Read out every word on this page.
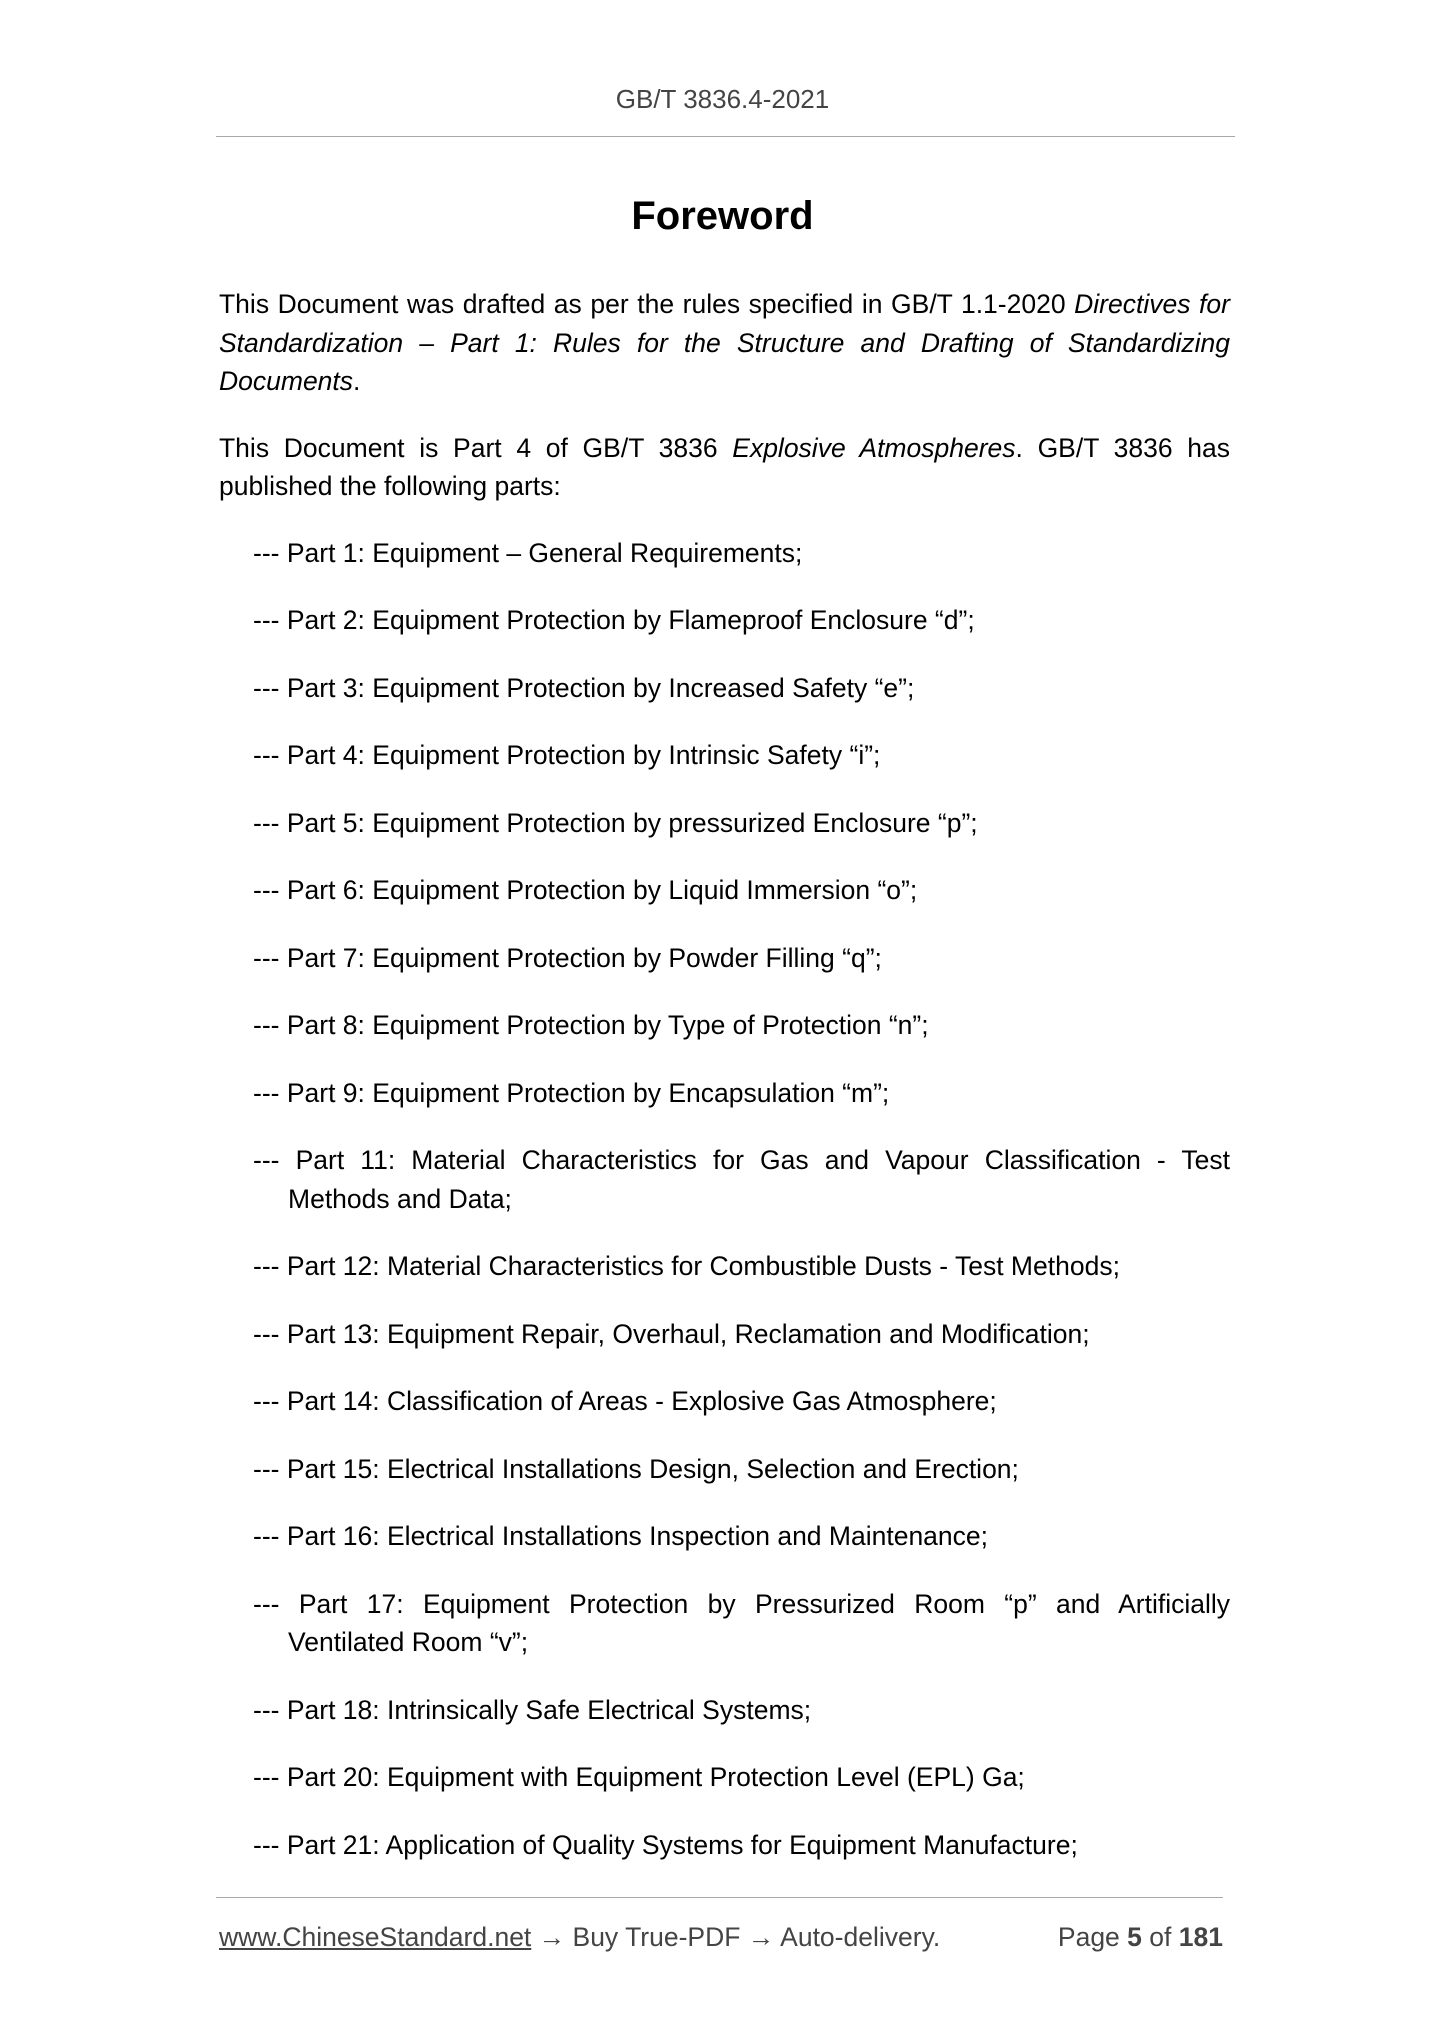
GB/T 3836.4-2021
Foreword

This Document was drafted as per the rules specified in GB/T 1.1-2020 Directives for Standardization – Part 1: Rules for the Structure and Drafting of Standardizing Documents.

This Document is Part 4 of GB/T 3836 Explosive Atmospheres. GB/T 3836 has published the following parts:

--- Part 1: Equipment – General Requirements;
--- Part 2: Equipment Protection by Flameproof Enclosure “d”;
--- Part 3: Equipment Protection by Increased Safety “e”;
--- Part 4: Equipment Protection by Intrinsic Safety “i”;
--- Part 5: Equipment Protection by pressurized Enclosure “p”;
--- Part 6: Equipment Protection by Liquid Immersion “o”;
--- Part 7: Equipment Protection by Powder Filling “q”;
--- Part 8: Equipment Protection by Type of Protection “n”;
--- Part 9: Equipment Protection by Encapsulation “m”;
--- Part 11: Material Characteristics for Gas and Vapour Classification - Test Methods and Data;
--- Part 12: Material Characteristics for Combustible Dusts - Test Methods;
--- Part 13: Equipment Repair, Overhaul, Reclamation and Modification;
--- Part 14: Classification of Areas - Explosive Gas Atmosphere;
--- Part 15: Electrical Installations Design, Selection and Erection;
--- Part 16: Electrical Installations Inspection and Maintenance;
--- Part 17: Equipment Protection by Pressurized Room “p” and Artificially Ventilated Room “v”;
--- Part 18: Intrinsically Safe Electrical Systems;
--- Part 20: Equipment with Equipment Protection Level (EPL) Ga;
--- Part 21: Application of Quality Systems for Equipment Manufacture;
www.ChineseStandard.net → Buy True-PDF → Auto-delivery.	Page 5 of 181
